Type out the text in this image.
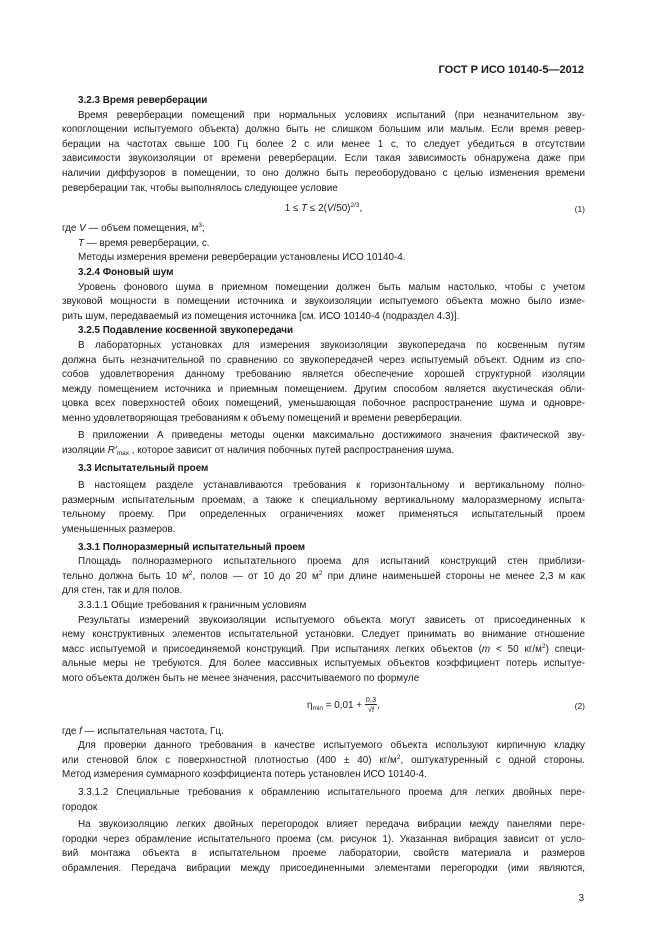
ГОСТ Р ИСО 10140-5—2012
3.2.3 Время реверберации
Время реверберации помещений при нормальных условиях испытаний (при незначительном зву-
копоглощении испытуемого объекта) должно быть не слишком большим или малым. Если время ревер-
берации на частотах свыше 100 Гц более 2 с или менее 1 с, то следует убедиться в отсутствии
зависимости звукоизоляции от времени реверберации. Если такая зависимость обнаружена даже при
наличии диффузоров в помещении, то оно должно быть переоборудовано с целью изменения времени
реверберации так, чтобы выполнялось следующее условие
$1 \le T \le 2(V/50)^{2/3}$,	(1)
где V — объем помещения, $м^3$;
T — время реверберации, с.
Методы измерения времени реверберации установлены ИСО 10140-4.
3.2.4 Фоновый шум
Уровень фонового шума в приемном помещении должен быть малым настолько, чтобы с учетом
звуковой мощности в помещении источника и звукоизоляции испытуемого объекта можно было изме-
рить шум, передаваемый из помещения источника [см. ИСО 10140-4 (подраздел 4.3)].
3.2.5 Подавление косвенной звукопередачи
В лабораторных установках для измерения звукоизоляции звукопередача по косвенным путям
должна быть незначительной по сравнению со звукопередачей через испытуемый объект. Одним из спо-
собов удовлетворения данному требованию является обеспечение хорошей структурной изоляции
между помещением источника и приемным помещением. Другим способом является акустическая обли-
цовка всех поверхностей обоих помещений, уменьшающая побочное распространение шума и одновре-
менно удовлетворяющая требованиям к объему помещений и времени реверберации.
В приложении А приведены методы оценки максимально достижимого значения фактической зву-
изоляции $R'_{max}$ , которое зависит от наличия побочных путей распространения шума.
3.3 Испытательный проем
В настоящем разделе устанавливаются требования к горизонтальному и вертикальному полно-
размерным испытательным проемам, а также к специальному вертикальному малоразмерному испыта-
тельному проему. При определенных ограничениях может применяться испытательный проем
уменьшенных размеров.
3.3.1 Полноразмерный испытательный проем
Площадь полноразмерного испытательного проема для испытаний конструкций стен приблизи-
тельно должна быть 10 $м^2$, полов — от 10 до 20 $м^2$ при длине наименьшей стороны не менее 2,3 м как
для стен, так и для полов.
3.3.1.1 Общие требования к граничным условиям
Результаты измерений звукоизоляции испытуемого объекта могут зависеть от присоединенных к
нему конструктивных элементов испытательной установки. Следует принимать во внимание отношение
масс испытуемой и присоединяемой конструкций. При испытаниях легких объектов (m < 50 $кг/м^2$) специ-
альные меры не требуются. Для более массивных испытуемых объектов коэффициент потерь испытуе-
мого объекта должен быть не менее значения, рассчитываемого по формуле
$\eta_{min} = 0,01 + \frac{0,3}{√f}$ ,	(2)
где f — испытательная частота, Гц.
Для проверки данного требования в качестве испытуемого объекта используют кирпичную кладку
или стеновой блок с поверхностной плотностью (400 ± 40) $кг/м^2$, оштукатуренный с одной стороны.
Метод измерения суммарного коэффициента потерь установлен ИСО 10140-4.
3.3.1.2 Специальные требования к обрамлению испытательного проема для легких двойных пере-
городок
На звукоизоляцию легких двойных перегородок влияет передача вибрации между панелями пере-
городки через обрамление испытательного проема (см. рисунок 1). Указанная вибрация зависит от усло-
вий монтажа объекта в испытательном проеме лаборатории, свойств материала и размеров
обрамления. Передача вибрации между присоединенными элементами перегородки (ими являются,
3
